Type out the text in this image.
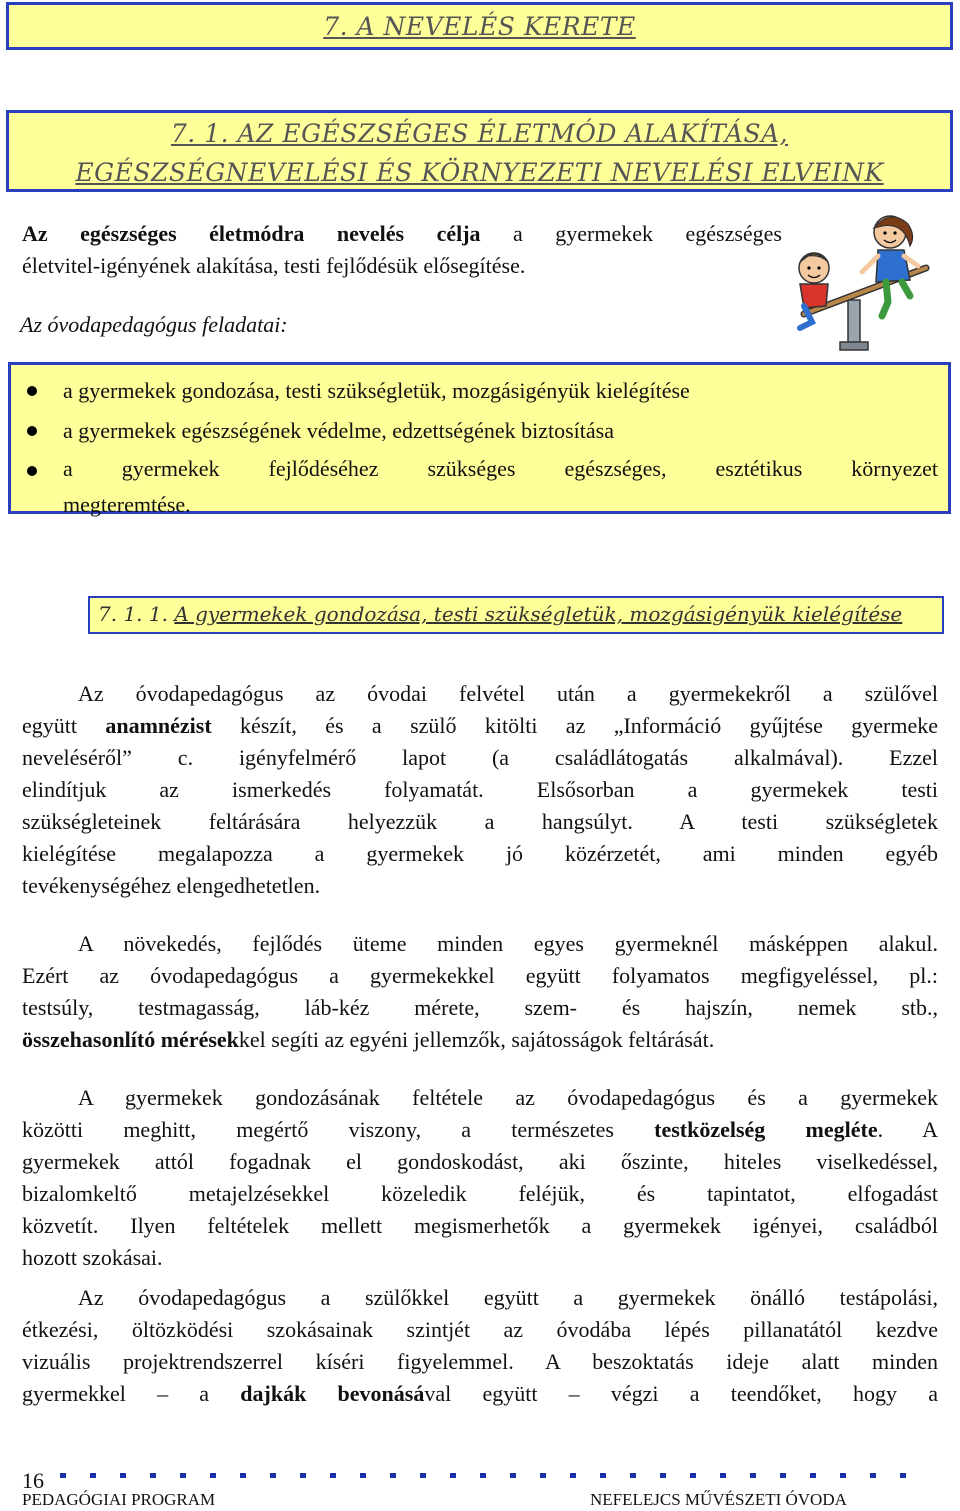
7. A NEVELÉS KERETE
7. 1. AZ EGÉSZSÉGES ÉLETMÓD ALAKÍTÁSA,
EGÉSZSÉGNEVELÉSI ÉS KÖRNYEZETI NEVELÉSI ELVEINK
Az egészséges életmódra nevelés célja a gyermekek egészséges
életvitel-igényének alakítása, testi fejlődésük elősegítése.
Az óvodapedagógus feladatai:
a gyermekek gondozása, testi szükségletük, mozgásigényük kielégítése
a gyermekek egészségének védelme, edzettségének biztosítása
a gyermekek fejlődéséhez szükséges egészséges, esztétikus környezet
megteremtése.
7. 1. 1. A gyermekek gondozása, testi szükségletük, mozgásigényük kielégítése
Az óvodapedagógus az óvodai felvétel után a gyermekekről a szülővel
együtt anamnézist készít, és a szülő kitölti az „Információ gyűjtése gyermeke
neveléséről” c. igényfelmérő lapot (a családlátogatás alkalmával). Ezzel
elindítjuk az ismerkedés folyamatát. Elsősorban a gyermekek testi
szükségleteinek feltárására helyezzük a hangsúlyt. A testi szükségletek
kielégítése megalapozza a gyermekek jó közérzetét, ami minden egyéb
tevékenységéhez elengedhetetlen.
A növekedés, fejlődés üteme minden egyes gyermeknél másképpen alakul.
Ezért az óvodapedagógus a gyermekekkel együtt folyamatos megfigyeléssel, pl.:
testsúly, testmagasság, láb-kéz mérete, szem- és hajszín, nemek stb.,
összehasonlító mérésekkel segíti az egyéni jellemzők, sajátosságok feltárását.
A gyermekek gondozásának feltétele az óvodapedagógus és a gyermekek
közötti meghitt, megértő viszony, a természetes testközelség megléte. A
gyermekek attól fogadnak el gondoskodást, aki őszinte, hiteles viselkedéssel,
bizalomkeltő metajelzésekkel közeledik feléjük, és tapintatot, elfogadást
közvetít. Ilyen feltételek mellett megismerhetők a gyermekek igényei, családból
hozott szokásai.
Az óvodapedagógus a szülőkkel együtt a gyermekek önálló testápolási,
étkezési, öltözködési szokásainak szintjét az óvodába lépés pillanatától kezdve
vizuális projektrendszerrel kíséri figyelemmel. A beszoktatás ideje alatt minden
gyermekkel – a dajkák bevonásával együtt – végzi a teendőket, hogy a
16
PEDAGÓGIAI PROGRAM	NEFELEJCS MŰVÉSZETI ÓVODA
